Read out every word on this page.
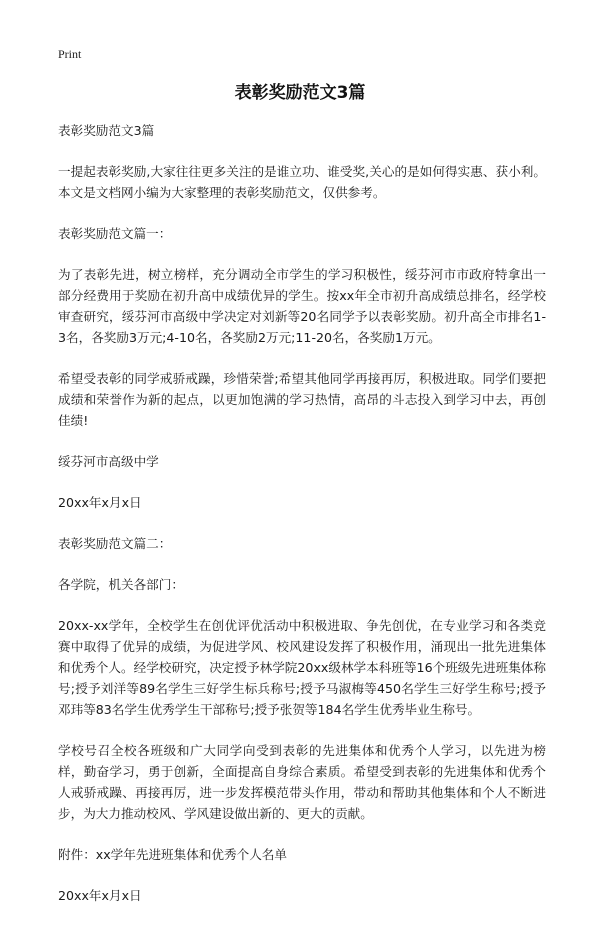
Print
表彰奖励范文3篇

表彰奖励范文3篇

一提起表彰奖励,大家往往更多关注的是谁立功、谁受奖,关心的是如何得实惠、获小利。本文是文档网小编为大家整理的表彰奖励范文，仅供参考。

表彰奖励范文篇一：

为了表彰先进，树立榜样，充分调动全市学生的学习积极性，绥芬河市市政府特拿出一部分经费用于奖励在初升高中成绩优异的学生。按xx年全市初升高成绩总排名，经学校审查研究，绥芬河市高级中学决定对刘新等20名同学予以表彰奖励。初升高全市排名1-3名，各奖励3万元;4-10名，各奖励2万元;11-20名，各奖励1万元。

希望受表彰的同学戒骄戒躁，珍惜荣誉;希望其他同学再接再厉，积极进取。同学们要把成绩和荣誉作为新的起点，以更加饱满的学习热情，高昂的斗志投入到学习中去，再创佳绩!

绥芬河市高级中学

20xx年x月x日

表彰奖励范文篇二：

各学院，机关各部门：

20xx-xx学年，全校学生在创优评优活动中积极进取、争先创优，在专业学习和各类竞赛中取得了优异的成绩，为促进学风、校风建设发挥了积极作用，涌现出一批先进集体和优秀个人。经学校研究，决定授予林学院20xx级林学本科班等16个班级先进班集体称号;授予刘洋等89名学生三好学生标兵称号;授予马淑梅等450名学生三好学生称号;授予邓玮等83名学生优秀学生干部称号;授予张贺等184名学生优秀毕业生称号。

学校号召全校各班级和广大同学向受到表彰的先进集体和优秀个人学习，以先进为榜样，勤奋学习，勇于创新，全面提高自身综合素质。希望受到表彰的先进集体和优秀个人戒骄戒躁、再接再厉，进一步发挥模范带头作用，带动和帮助其他集体和个人不断进步，为大力推动校风、学风建设做出新的、更大的贡献。

附件：xx学年先进班集体和优秀个人名单

20xx年x月x日
